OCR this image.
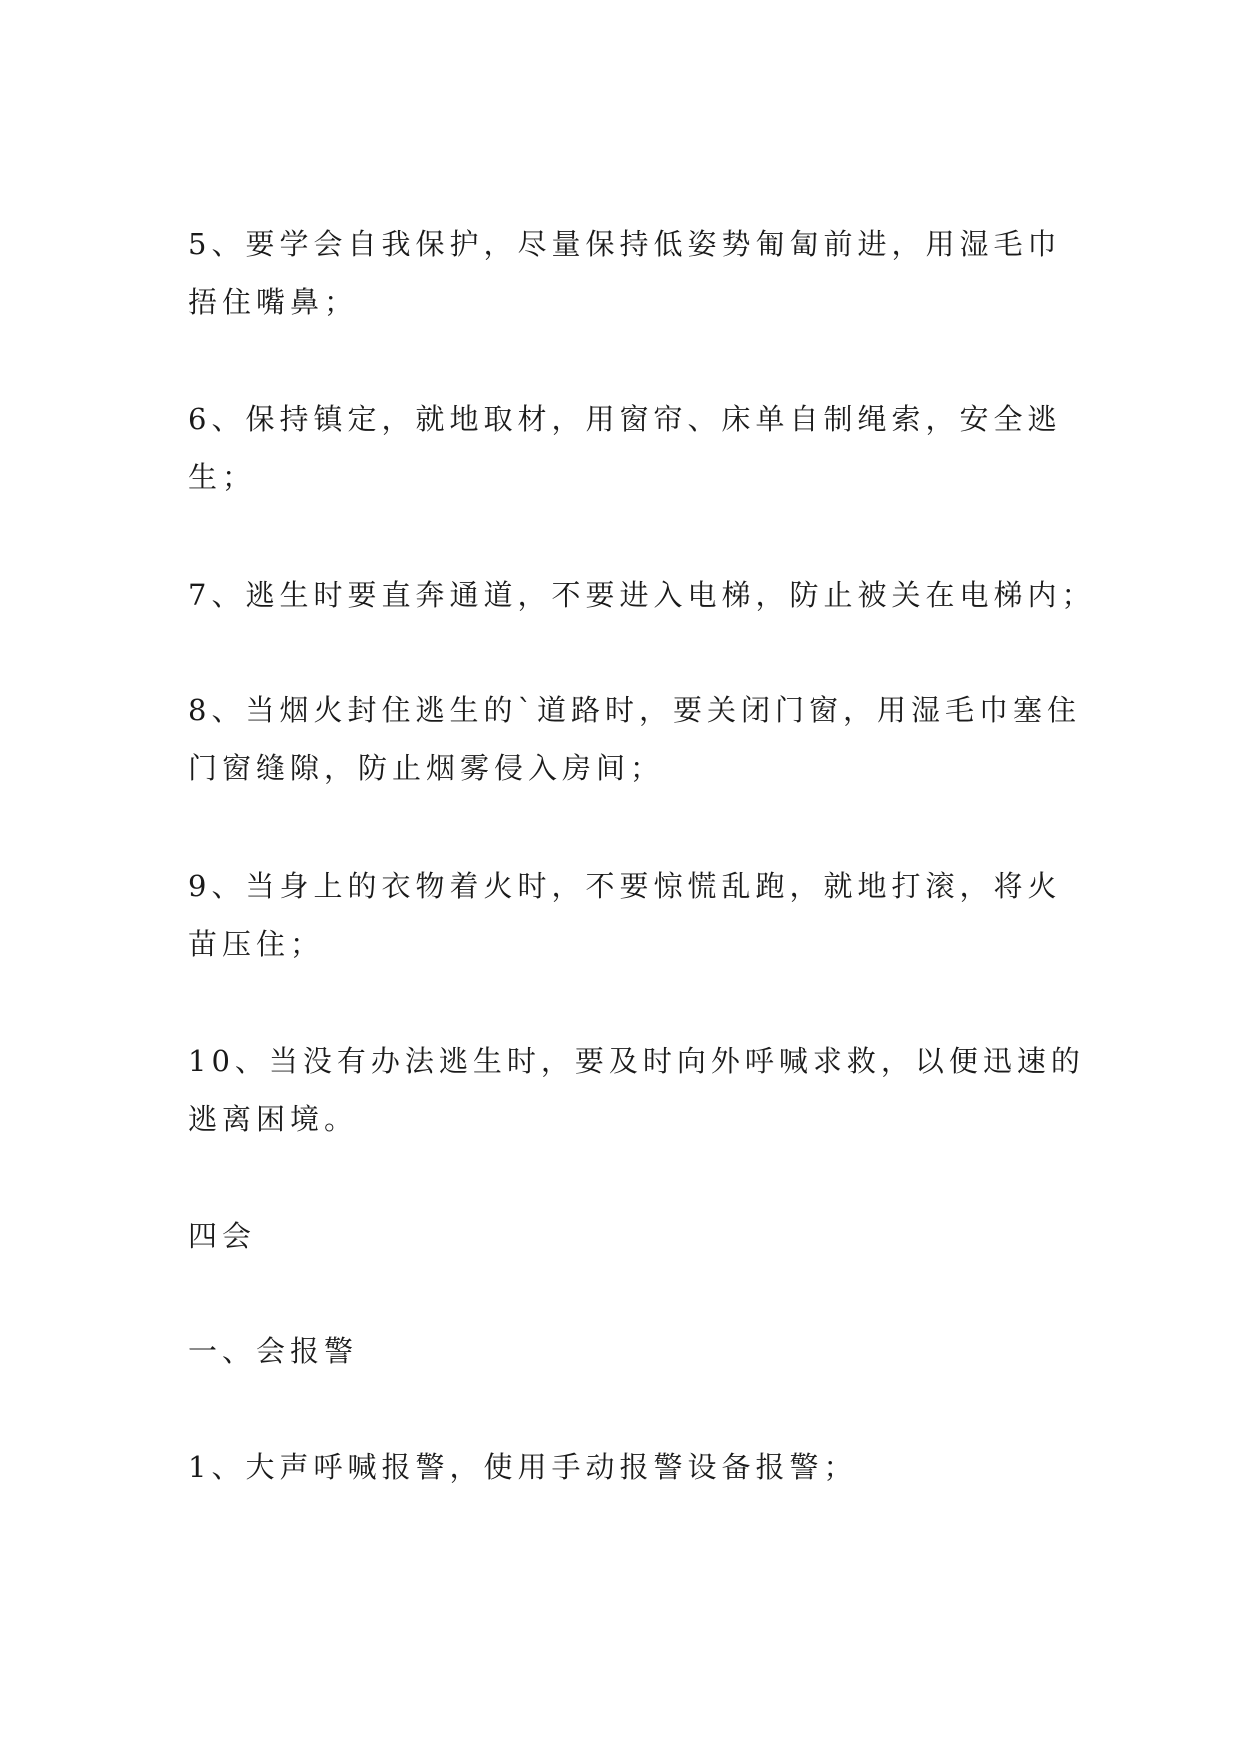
5、要学会自我保护，尽量保持低姿势匍匐前进，用湿毛巾
捂住嘴鼻；

6、保持镇定，就地取材，用窗帘、床单自制绳索，安全逃
生；

7、逃生时要直奔通道，不要进入电梯，防止被关在电梯内；

8、当烟火封住逃生的`道路时，要关闭门窗，用湿毛巾塞住
门窗缝隙，防止烟雾侵入房间；

9、当身上的衣物着火时，不要惊慌乱跑，就地打滚，将火
苗压住；

10、当没有办法逃生时，要及时向外呼喊求救，以便迅速的
逃离困境。

四会

一、会报警

1、大声呼喊报警，使用手动报警设备报警；
